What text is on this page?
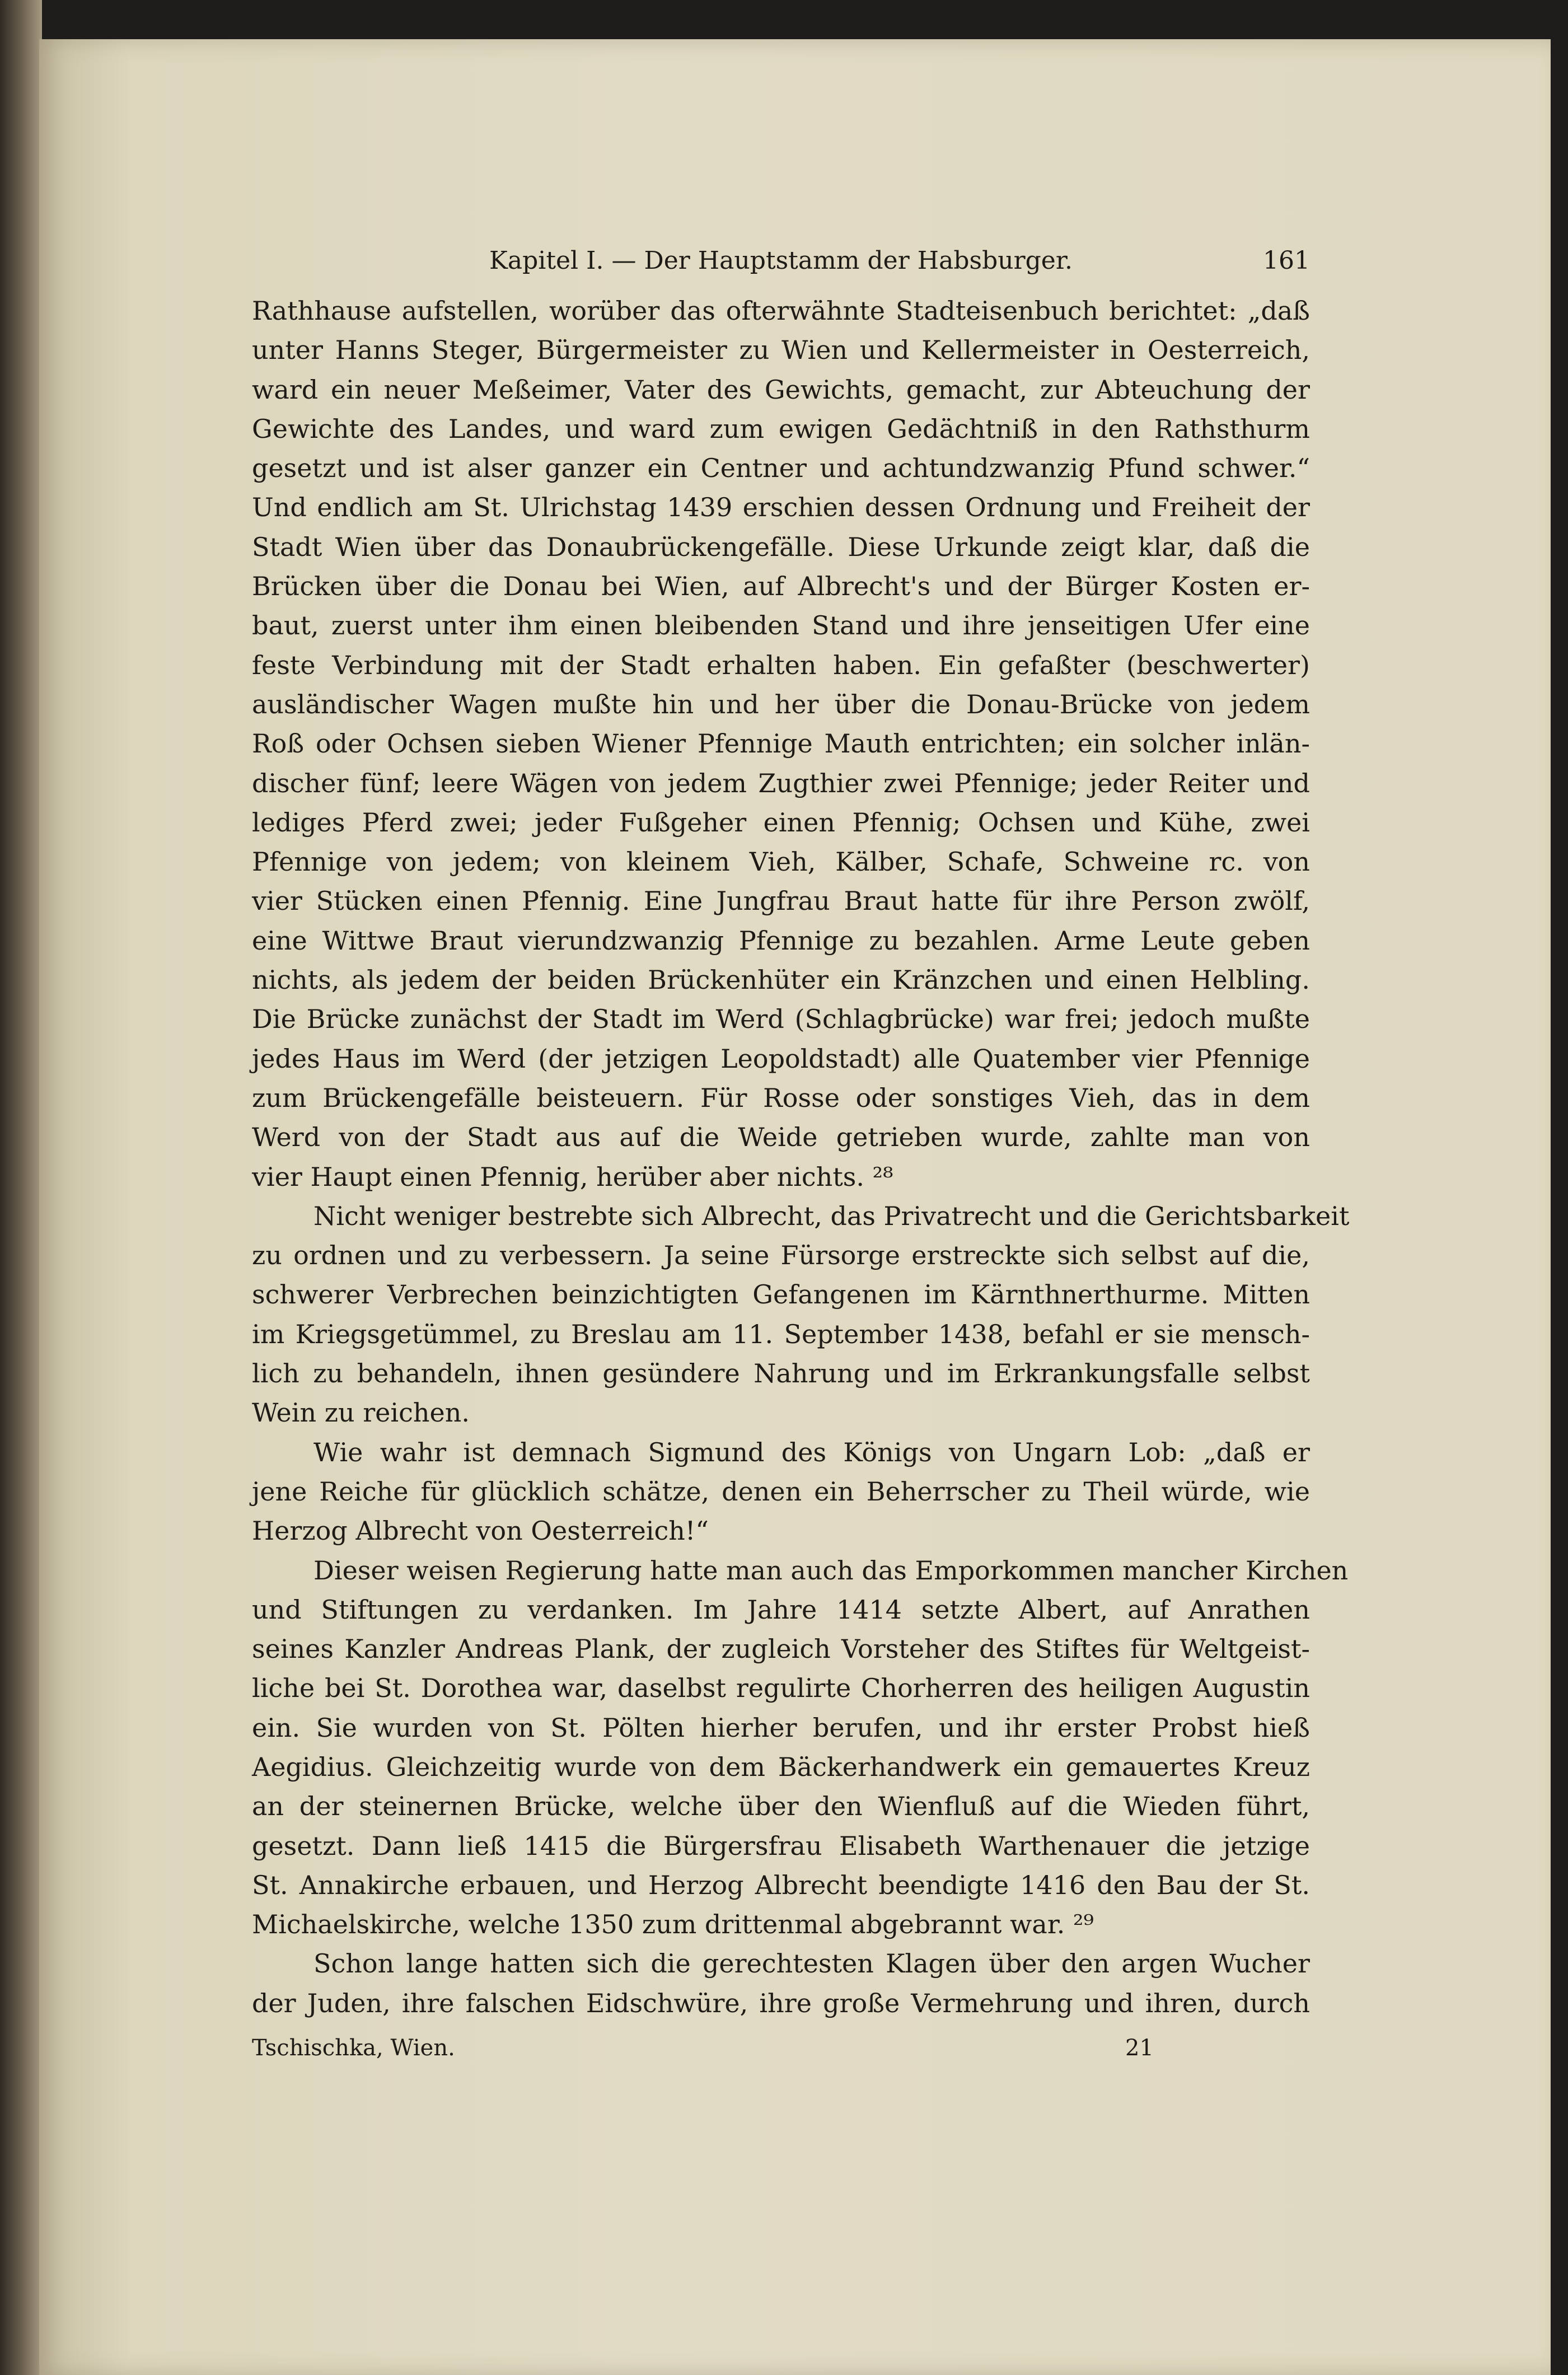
Kapitel I. — Der Hauptstamm der Habsburger.	161
Rathhause aufstellen, worüber das ofterwähnte Stadteisenbuch berichtet: „daß
unter Hanns Steger, Bürgermeister zu Wien und Kellermeister in Oesterreich,
ward ein neuer Meßeimer, Vater des Gewichts, gemacht, zur Abteuchung der
Gewichte des Landes, und ward zum ewigen Gedächtniß in den Rathsthurm
gesetzt und ist alser ganzer ein Centner und achtundzwanzig Pfund schwer.“
Und endlich am St. Ulrichstag 1439 erschien dessen Ordnung und Freiheit der
Stadt Wien über das Donaubrückengefälle. Diese Urkunde zeigt klar, daß die
Brücken über die Donau bei Wien, auf Albrecht's und der Bürger Kosten er-
baut, zuerst unter ihm einen bleibenden Stand und ihre jenseitigen Ufer eine
feste Verbindung mit der Stadt erhalten haben. Ein gefaßter (beschwerter)
ausländischer Wagen mußte hin und her über die Donau-Brücke von jedem
Roß oder Ochsen sieben Wiener Pfennige Mauth entrichten; ein solcher inlän-
discher fünf; leere Wägen von jedem Zugthier zwei Pfennige; jeder Reiter und
lediges Pferd zwei; jeder Fußgeher einen Pfennig; Ochsen und Kühe, zwei
Pfennige von jedem; von kleinem Vieh, Kälber, Schafe, Schweine rc. von
vier Stücken einen Pfennig. Eine Jungfrau Braut hatte für ihre Person zwölf,
eine Wittwe Braut vierundzwanzig Pfennige zu bezahlen. Arme Leute geben
nichts, als jedem der beiden Brückenhüter ein Kränzchen und einen Helbling.
Die Brücke zunächst der Stadt im Werd (Schlagbrücke) war frei; jedoch mußte
jedes Haus im Werd (der jetzigen Leopoldstadt) alle Quatember vier Pfennige
zum Brückengefälle beisteuern. Für Rosse oder sonstiges Vieh, das in dem
Werd von der Stadt aus auf die Weide getrieben wurde, zahlte man von
vier Haupt einen Pfennig, herüber aber nichts. ²⁸
Nicht weniger bestrebte sich Albrecht, das Privatrecht und die Gerichtsbarkeit
zu ordnen und zu verbessern. Ja seine Fürsorge erstreckte sich selbst auf die,
schwerer Verbrechen beinzichtigten Gefangenen im Kärnthnerthurme. Mitten
im Kriegsgetümmel, zu Breslau am 11. September 1438, befahl er sie mensch-
lich zu behandeln, ihnen gesündere Nahrung und im Erkrankungsfalle selbst
Wein zu reichen.
Wie wahr ist demnach Sigmund des Königs von Ungarn Lob: „daß er
jene Reiche für glücklich schätze, denen ein Beherrscher zu Theil würde, wie
Herzog Albrecht von Oesterreich!“
Dieser weisen Regierung hatte man auch das Emporkommen mancher Kirchen
und Stiftungen zu verdanken. Im Jahre 1414 setzte Albert, auf Anrathen
seines Kanzler Andreas Plank, der zugleich Vorsteher des Stiftes für Weltgeist-
liche bei St. Dorothea war, daselbst regulirte Chorherren des heiligen Augustin
ein. Sie wurden von St. Pölten hierher berufen, und ihr erster Probst hieß
Aegidius. Gleichzeitig wurde von dem Bäckerhandwerk ein gemauertes Kreuz
an der steinernen Brücke, welche über den Wienfluß auf die Wieden führt,
gesetzt. Dann ließ 1415 die Bürgersfrau Elisabeth Warthenauer die jetzige
St. Annakirche erbauen, und Herzog Albrecht beendigte 1416 den Bau der St.
Michaelskirche, welche 1350 zum drittenmal abgebrannt war. ²⁹
Schon lange hatten sich die gerechtesten Klagen über den argen Wucher
der Juden, ihre falschen Eidschwüre, ihre große Vermehrung und ihren, durch
Tschischka, Wien.	21
